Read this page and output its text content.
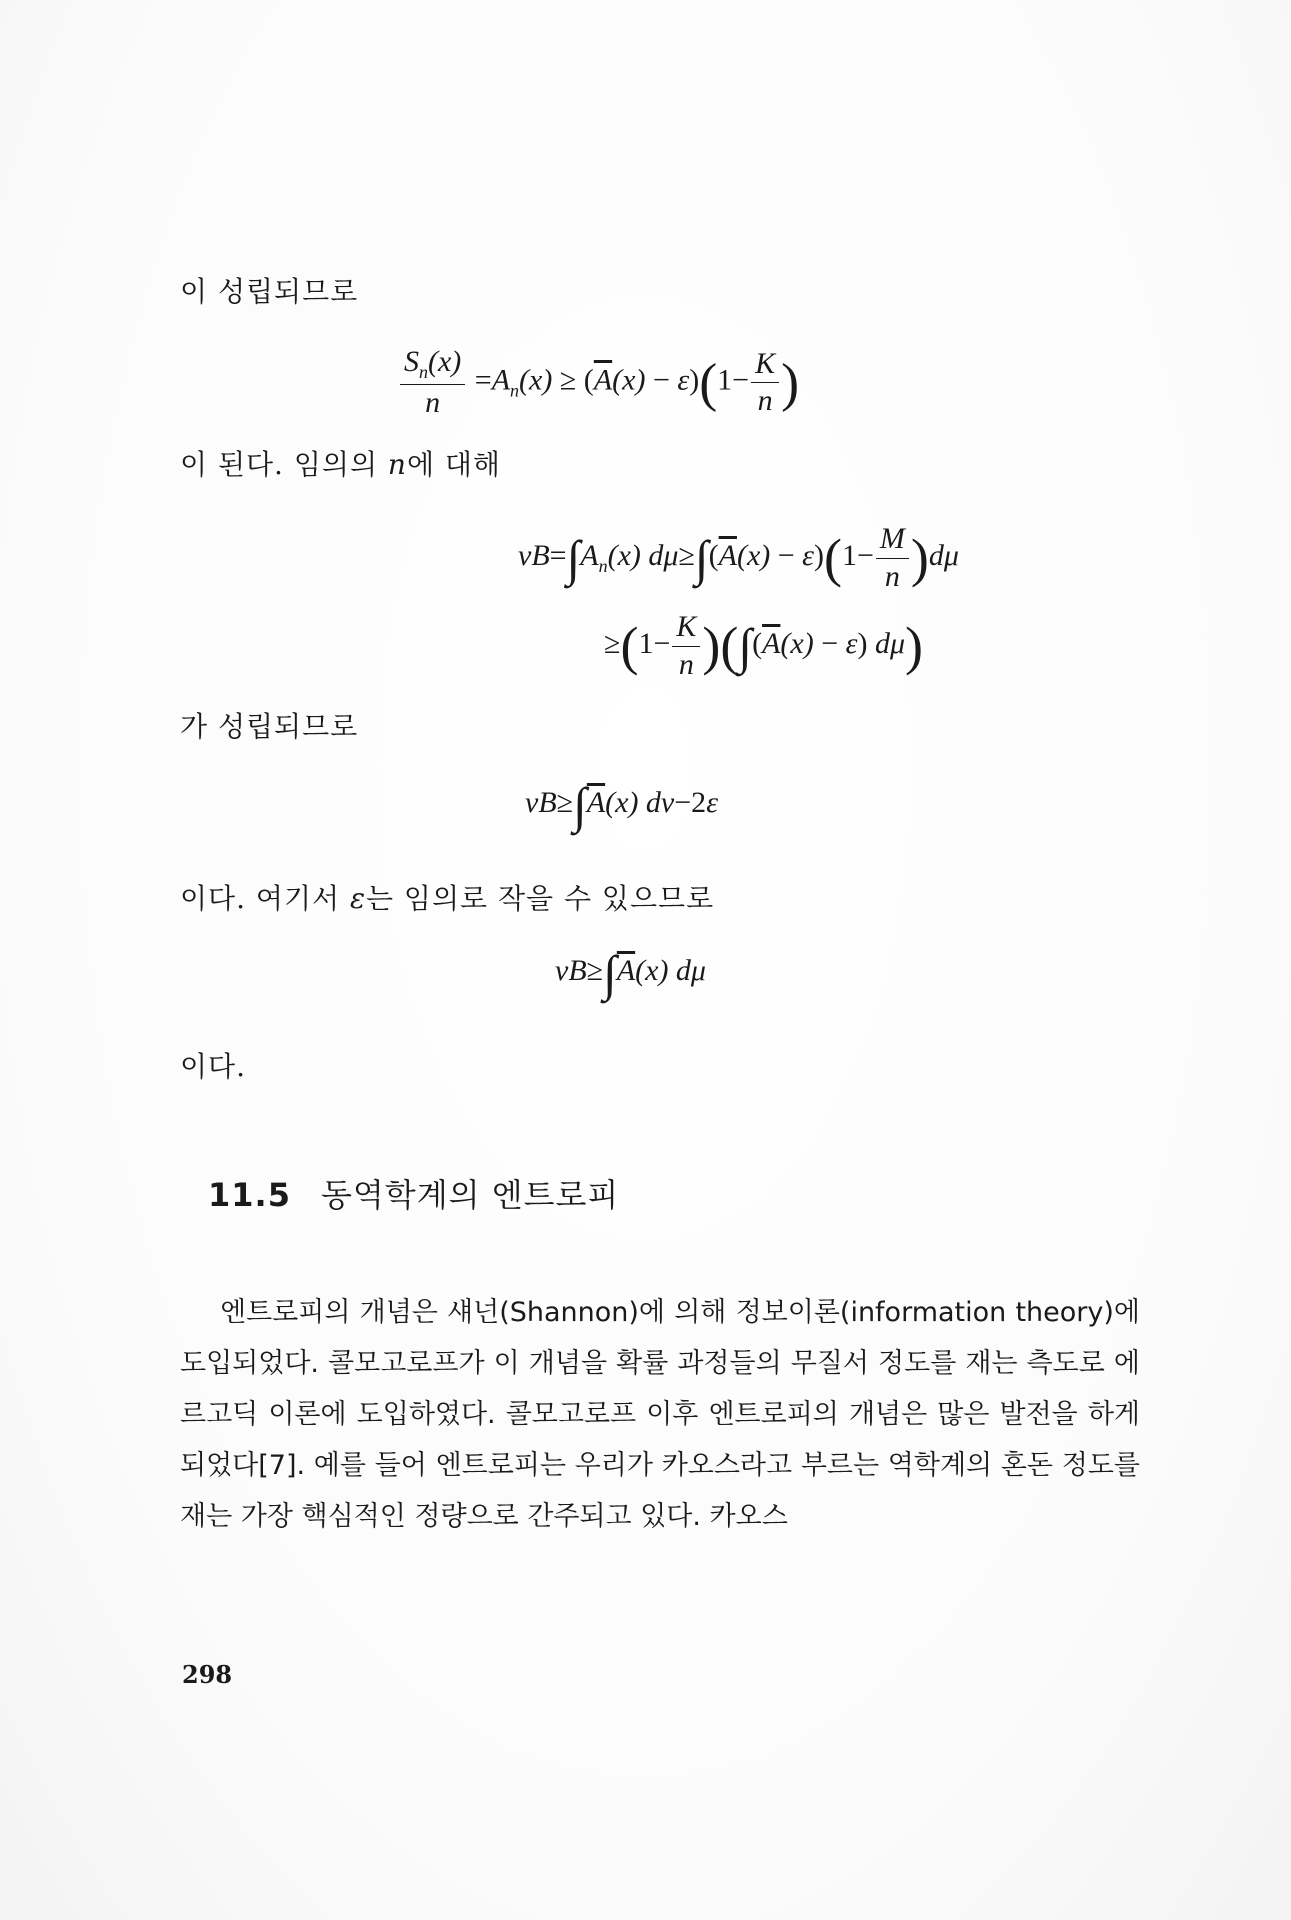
이 성립되므로
$\frac{S_n(x)}{n} =A_n(x) \ge (\overline{A}(x) - \varepsilon)(1- \frac{K}{n}$ )
이 된다. 임의의 n에 대해
$\nu B=\int A_n(x) d\mu\ge\int(\overline{A}(x) - \varepsilon)(1- \frac{M}{n} )d\mu$
$\ge(1- \frac{K}{n} )(\int(\overline{A}(x) - \varepsilon)$ dμ)
가 성립되므로
$\nu B\ge\int\overline{A}(x)$ dν−2ε
이다. 여기서 ε는 임의로 작을 수 있으므로
$\nu B\ge\int\overline{A}(x)$ dμ
이다.
11.5 동역학계의 엔트로피
엔트로피의 개념은 섀넌(Shannon)에 의해 정보이론(information theory)에 도입되었다. 콜모고로프가 이 개념을 확률 과정들의 무질서 정도를 재는 측도로 에르고딕 이론에 도입하였다. 콜모고로프 이후 엔트로피의 개념은 많은 발전을 하게 되었다[7]. 예를 들어 엔트로피는 우리가 카오스라고 부르는 역학계의 혼돈 정도를 재는 가장 핵심적인 정량으로 간주되고 있다. 카오스
298
